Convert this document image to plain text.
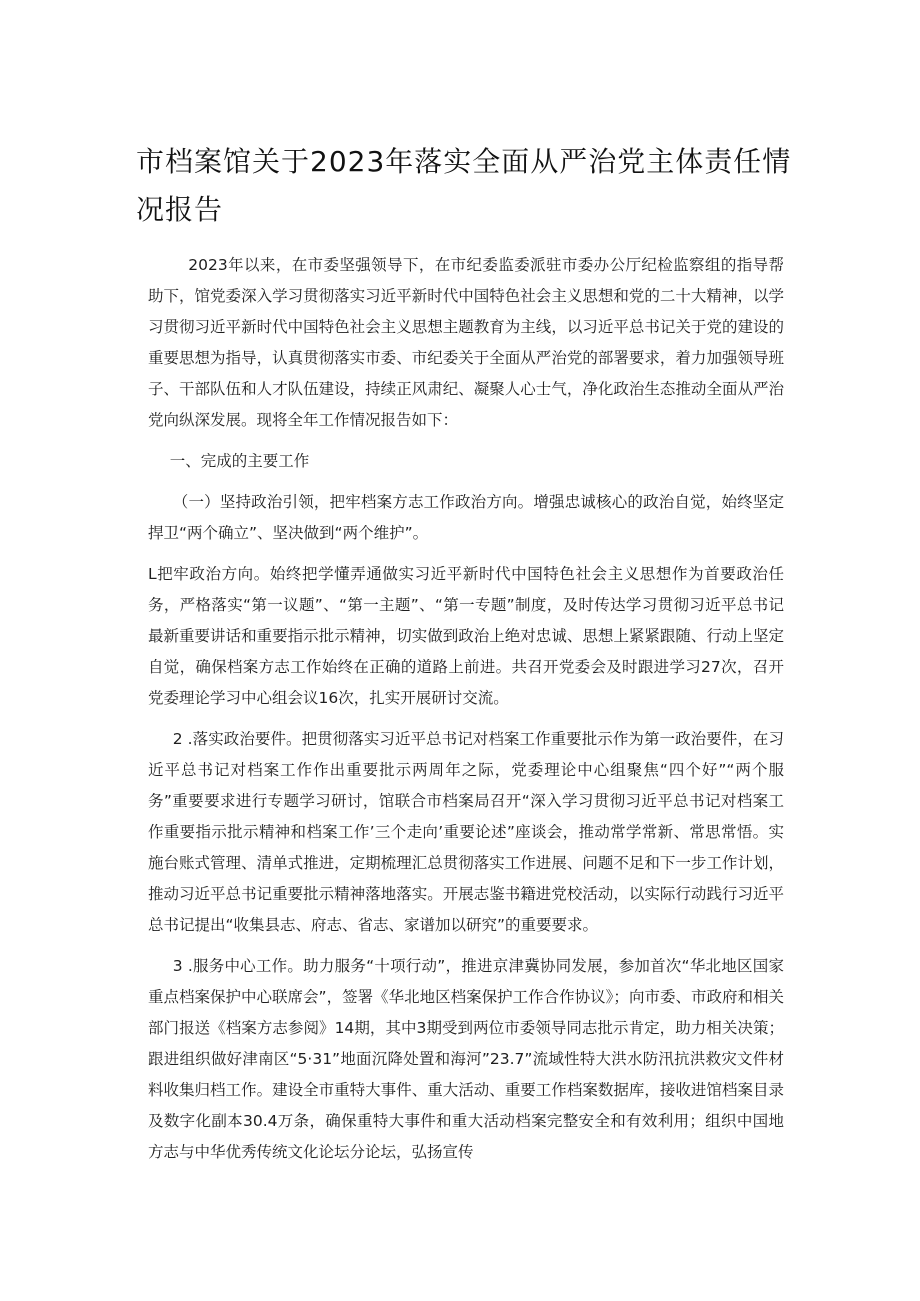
市档案馆关于2023年落实全面从严治党主体责任情况报告

2023年以来，在市委坚强领导下，在市纪委监委派驻市委办公厅纪检监察组的指导帮助下，馆党委深入学习贯彻落实习近平新时代中国特色社会主义思想和党的二十大精神，以学习贯彻习近平新时代中国特色社会主义思想主题教育为主线，以习近平总书记关于党的建设的重要思想为指导，认真贯彻落实市委、市纪委关于全面从严治党的部署要求，着力加强领导班子、干部队伍和人才队伍建设，持续正风肃纪、凝聚人心士气，净化政治生态推动全面从严治党向纵深发展。现将全年工作情况报告如下：

一、完成的主要工作

（一）坚持政治引领，把牢档案方志工作政治方向。增强忠诚核心的政治自觉，始终坚定捍卫“两个确立”、坚决做到“两个维护”。

L把牢政治方向。始终把学懂弄通做实习近平新时代中国特色社会主义思想作为首要政治任务，严格落实“第一议题”、“第一主题”、“第一专题”制度，及时传达学习贯彻习近平总书记最新重要讲话和重要指示批示精神，切实做到政治上绝对忠诚、思想上紧紧跟随、行动上坚定自觉，确保档案方志工作始终在正确的道路上前进。共召开党委会及时跟进学习27次，召开党委理论学习中心组会议16次，扎实开展研讨交流。

2 .落实政治要件。把贯彻落实习近平总书记对档案工作重要批示作为第一政治要件，在习近平总书记对档案工作作出重要批示两周年之际，党委理论中心组聚焦“四个好”“两个服务”重要要求进行专题学习研讨，馆联合市档案局召开“深入学习贯彻习近平总书记对档案工作重要指示批示精神和档案工作’三个走向’重要论述”座谈会，推动常学常新、常思常悟。实施台账式管理、清单式推进，定期梳理汇总贯彻落实工作进展、问题不足和下一步工作计划，推动习近平总书记重要批示精神落地落实。开展志鉴书籍进党校活动，以实际行动践行习近平总书记提出“收集县志、府志、省志、家谱加以研究”的重要要求。

3 .服务中心工作。助力服务“十项行动”，推进京津冀协同发展，参加首次“华北地区国家重点档案保护中心联席会”，签署《华北地区档案保护工作合作协议》；向市委、市政府和相关部门报送《档案方志参阅》14期，其中3期受到两位市委领导同志批示肯定，助力相关决策；跟进组织做好津南区“5·31”地面沉降处置和海河”23.7”流域性特大洪水防汛抗洪救灾文件材料收集归档工作。建设全市重特大事件、重大活动、重要工作档案数据库，接收进馆档案目录及数字化副本30.4万条，确保重特大事件和重大活动档案完整安全和有效利用；组织中国地方志与中华优秀传统文化论坛分论坛，弘扬宣传
